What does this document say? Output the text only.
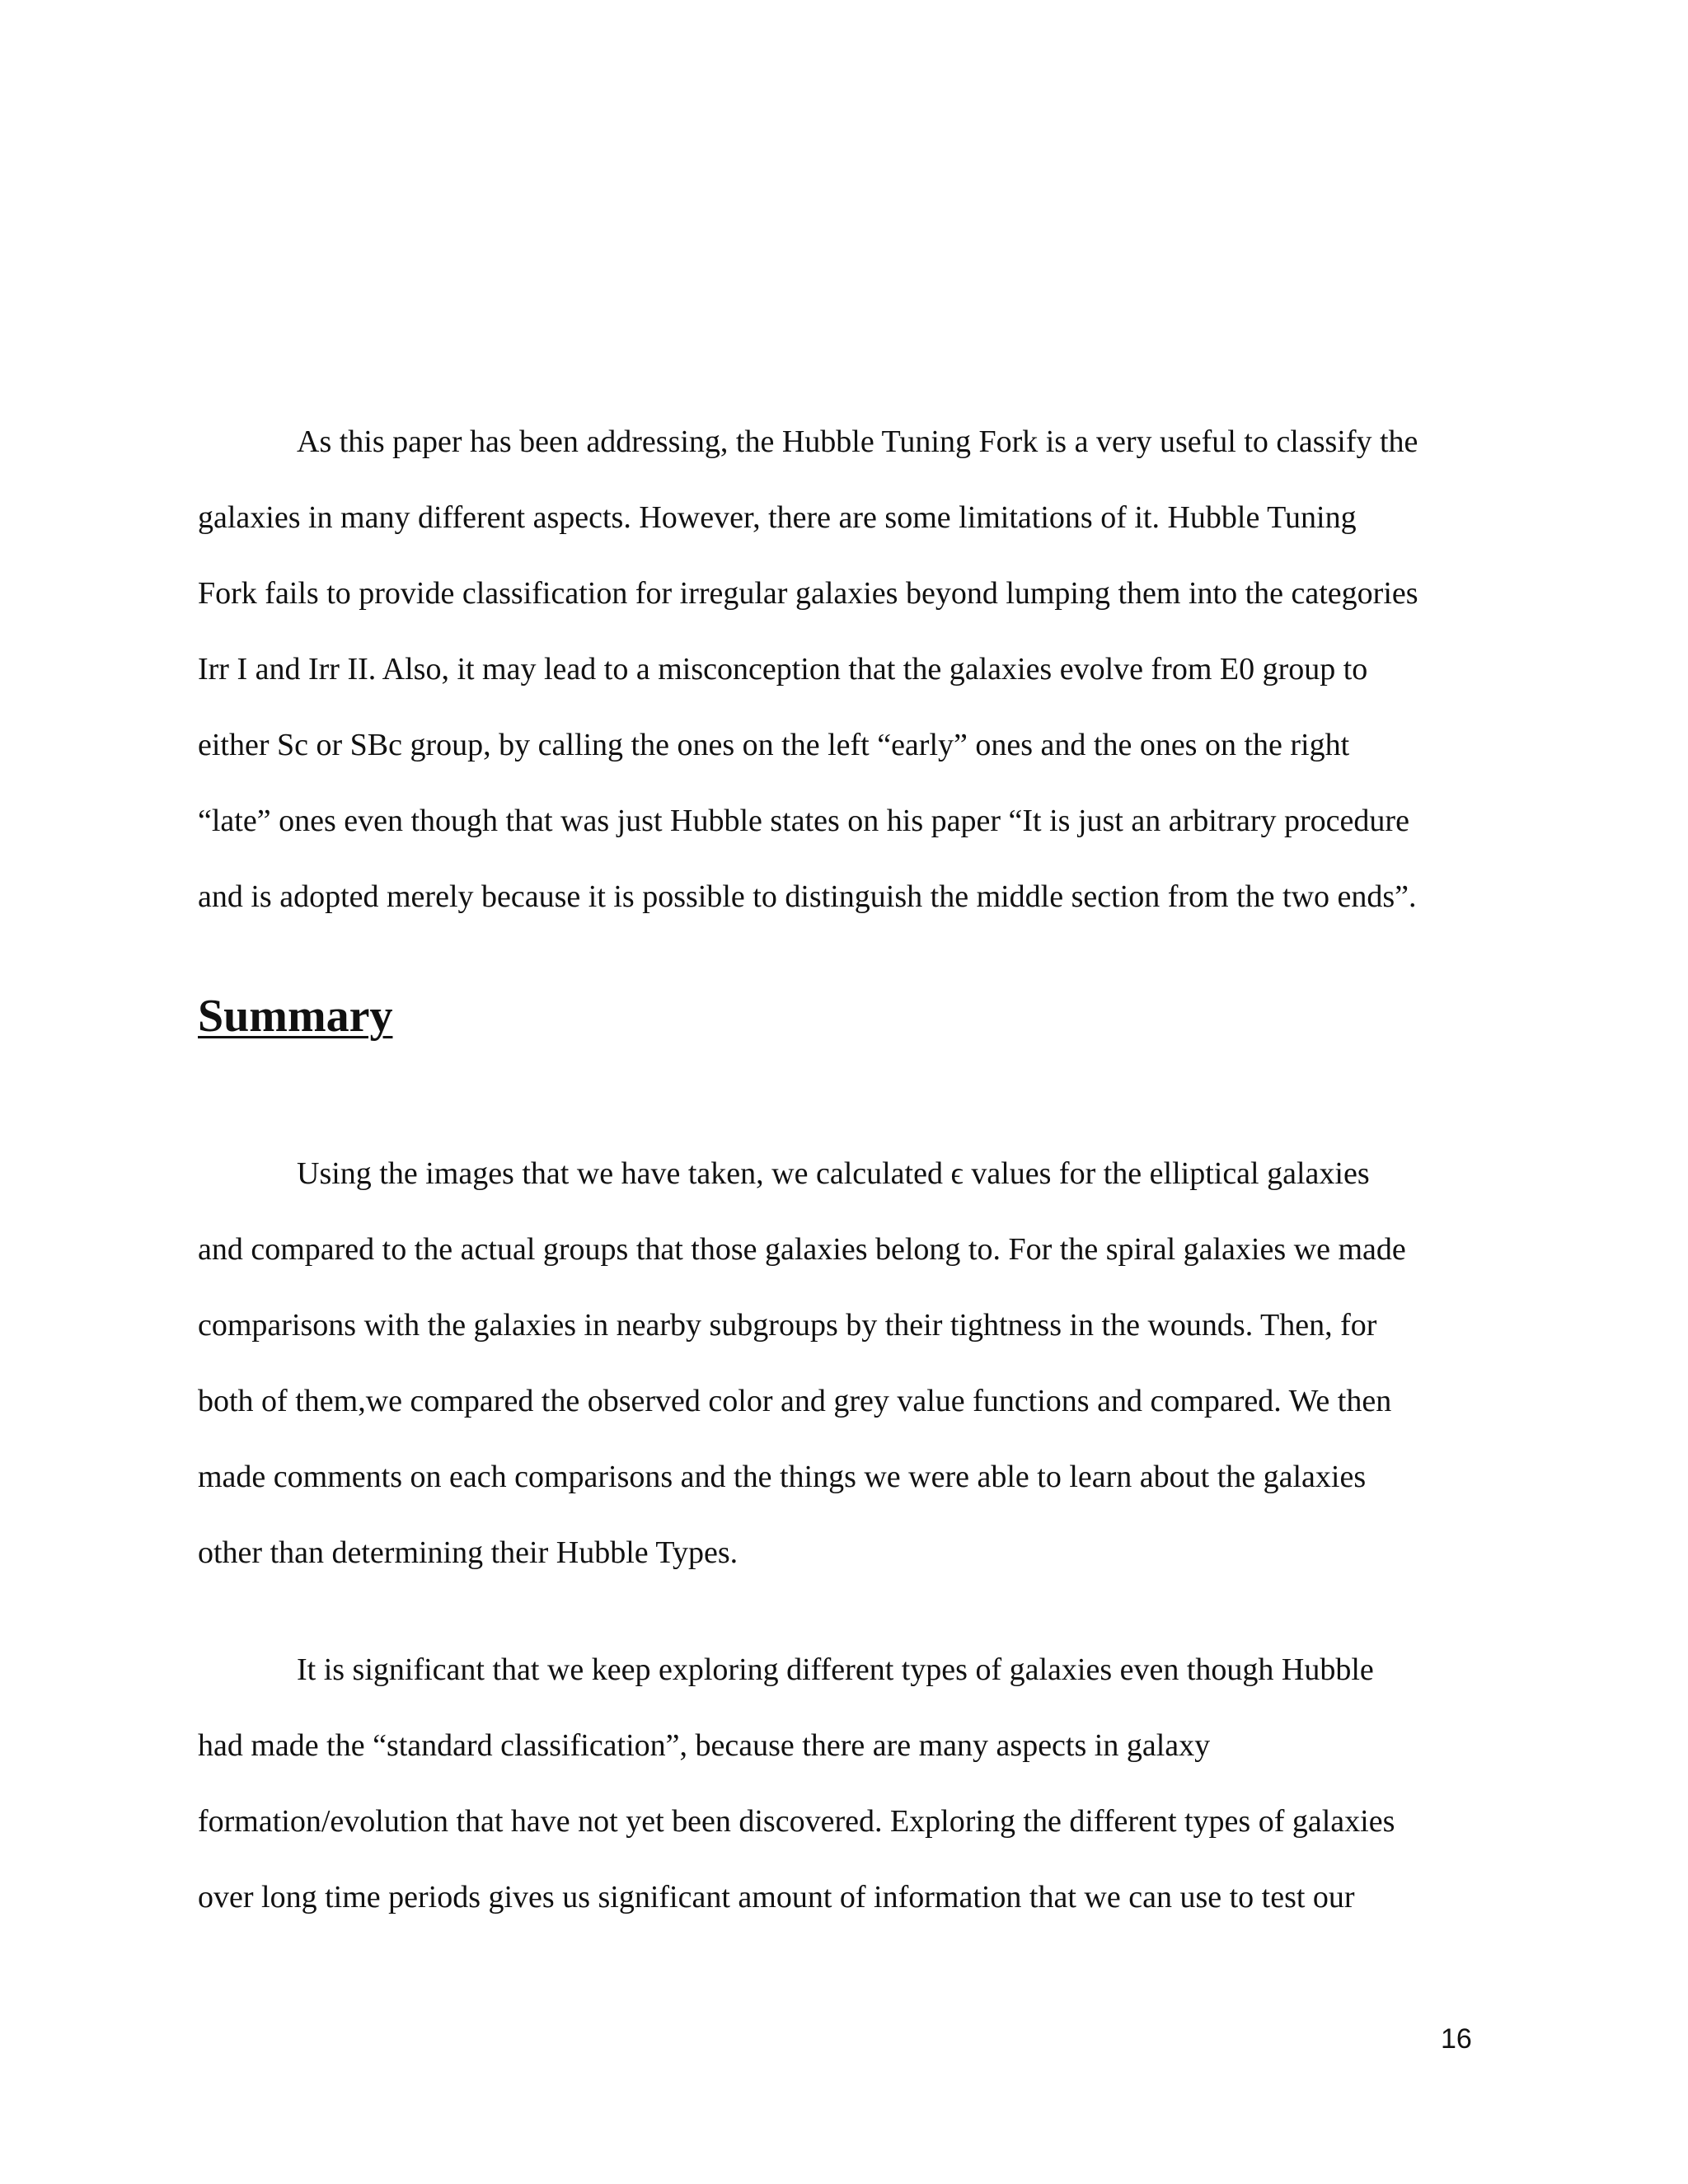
As this paper has been addressing, the Hubble Tuning Fork is a very useful to classify the

galaxies in many different aspects. However, there are some limitations of it. Hubble Tuning

Fork fails to provide classification for irregular galaxies beyond lumping them into the categories

Irr I and Irr II. Also, it may lead to a misconception that the galaxies evolve from E0 group to

either Sc or SBc group, by calling the ones on the left “early” ones and the ones on the right

“late” ones even though that was just Hubble states on his paper “It is just an arbitrary procedure

and is adopted merely because it is possible to distinguish the middle section from the two ends”.

Summary

Using the images that we have taken, we calculated ϵ values for the elliptical galaxies

and compared to the actual groups that those galaxies belong to. For the spiral galaxies we made

comparisons with the galaxies in nearby subgroups by their tightness in the wounds. Then, for

both of them,we compared the observed color and grey value functions and compared. We then

made comments on each comparisons and the things we were able to learn about the galaxies

other than determining their Hubble Types.

It is significant that we keep exploring different types of galaxies even though Hubble

had made the “standard classification”, because there are many aspects in galaxy

formation/evolution that have not yet been discovered. Exploring the different types of galaxies

over long time periods gives us significant amount of information that we can use to test our

16
